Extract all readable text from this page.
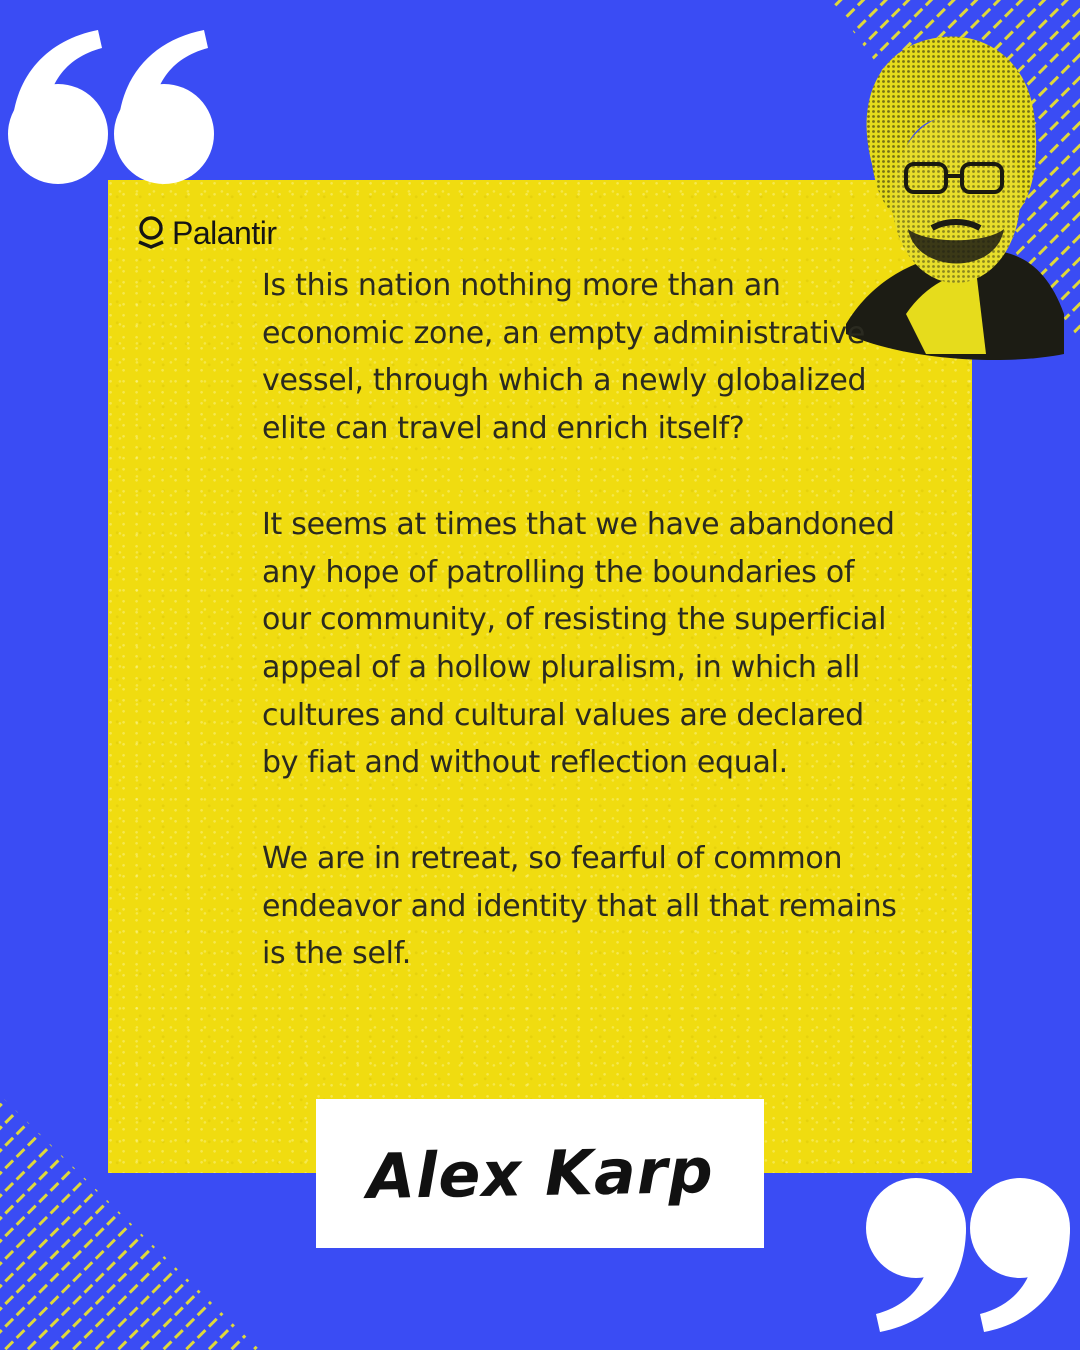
Palantir

Is this nation nothing more than an economic zone, an empty administrative vessel, through which a newly globalized elite can travel and enrich itself?

It seems at times that we have abandoned any hope of patrolling the boundaries of our community, of resisting the superficial appeal of a hollow pluralism, in which all cultures and cultural values are declared by fiat and without reflection equal.

We are in retreat, so fearful of common endeavor and identity that all that remains is the self.

Alex Karp
